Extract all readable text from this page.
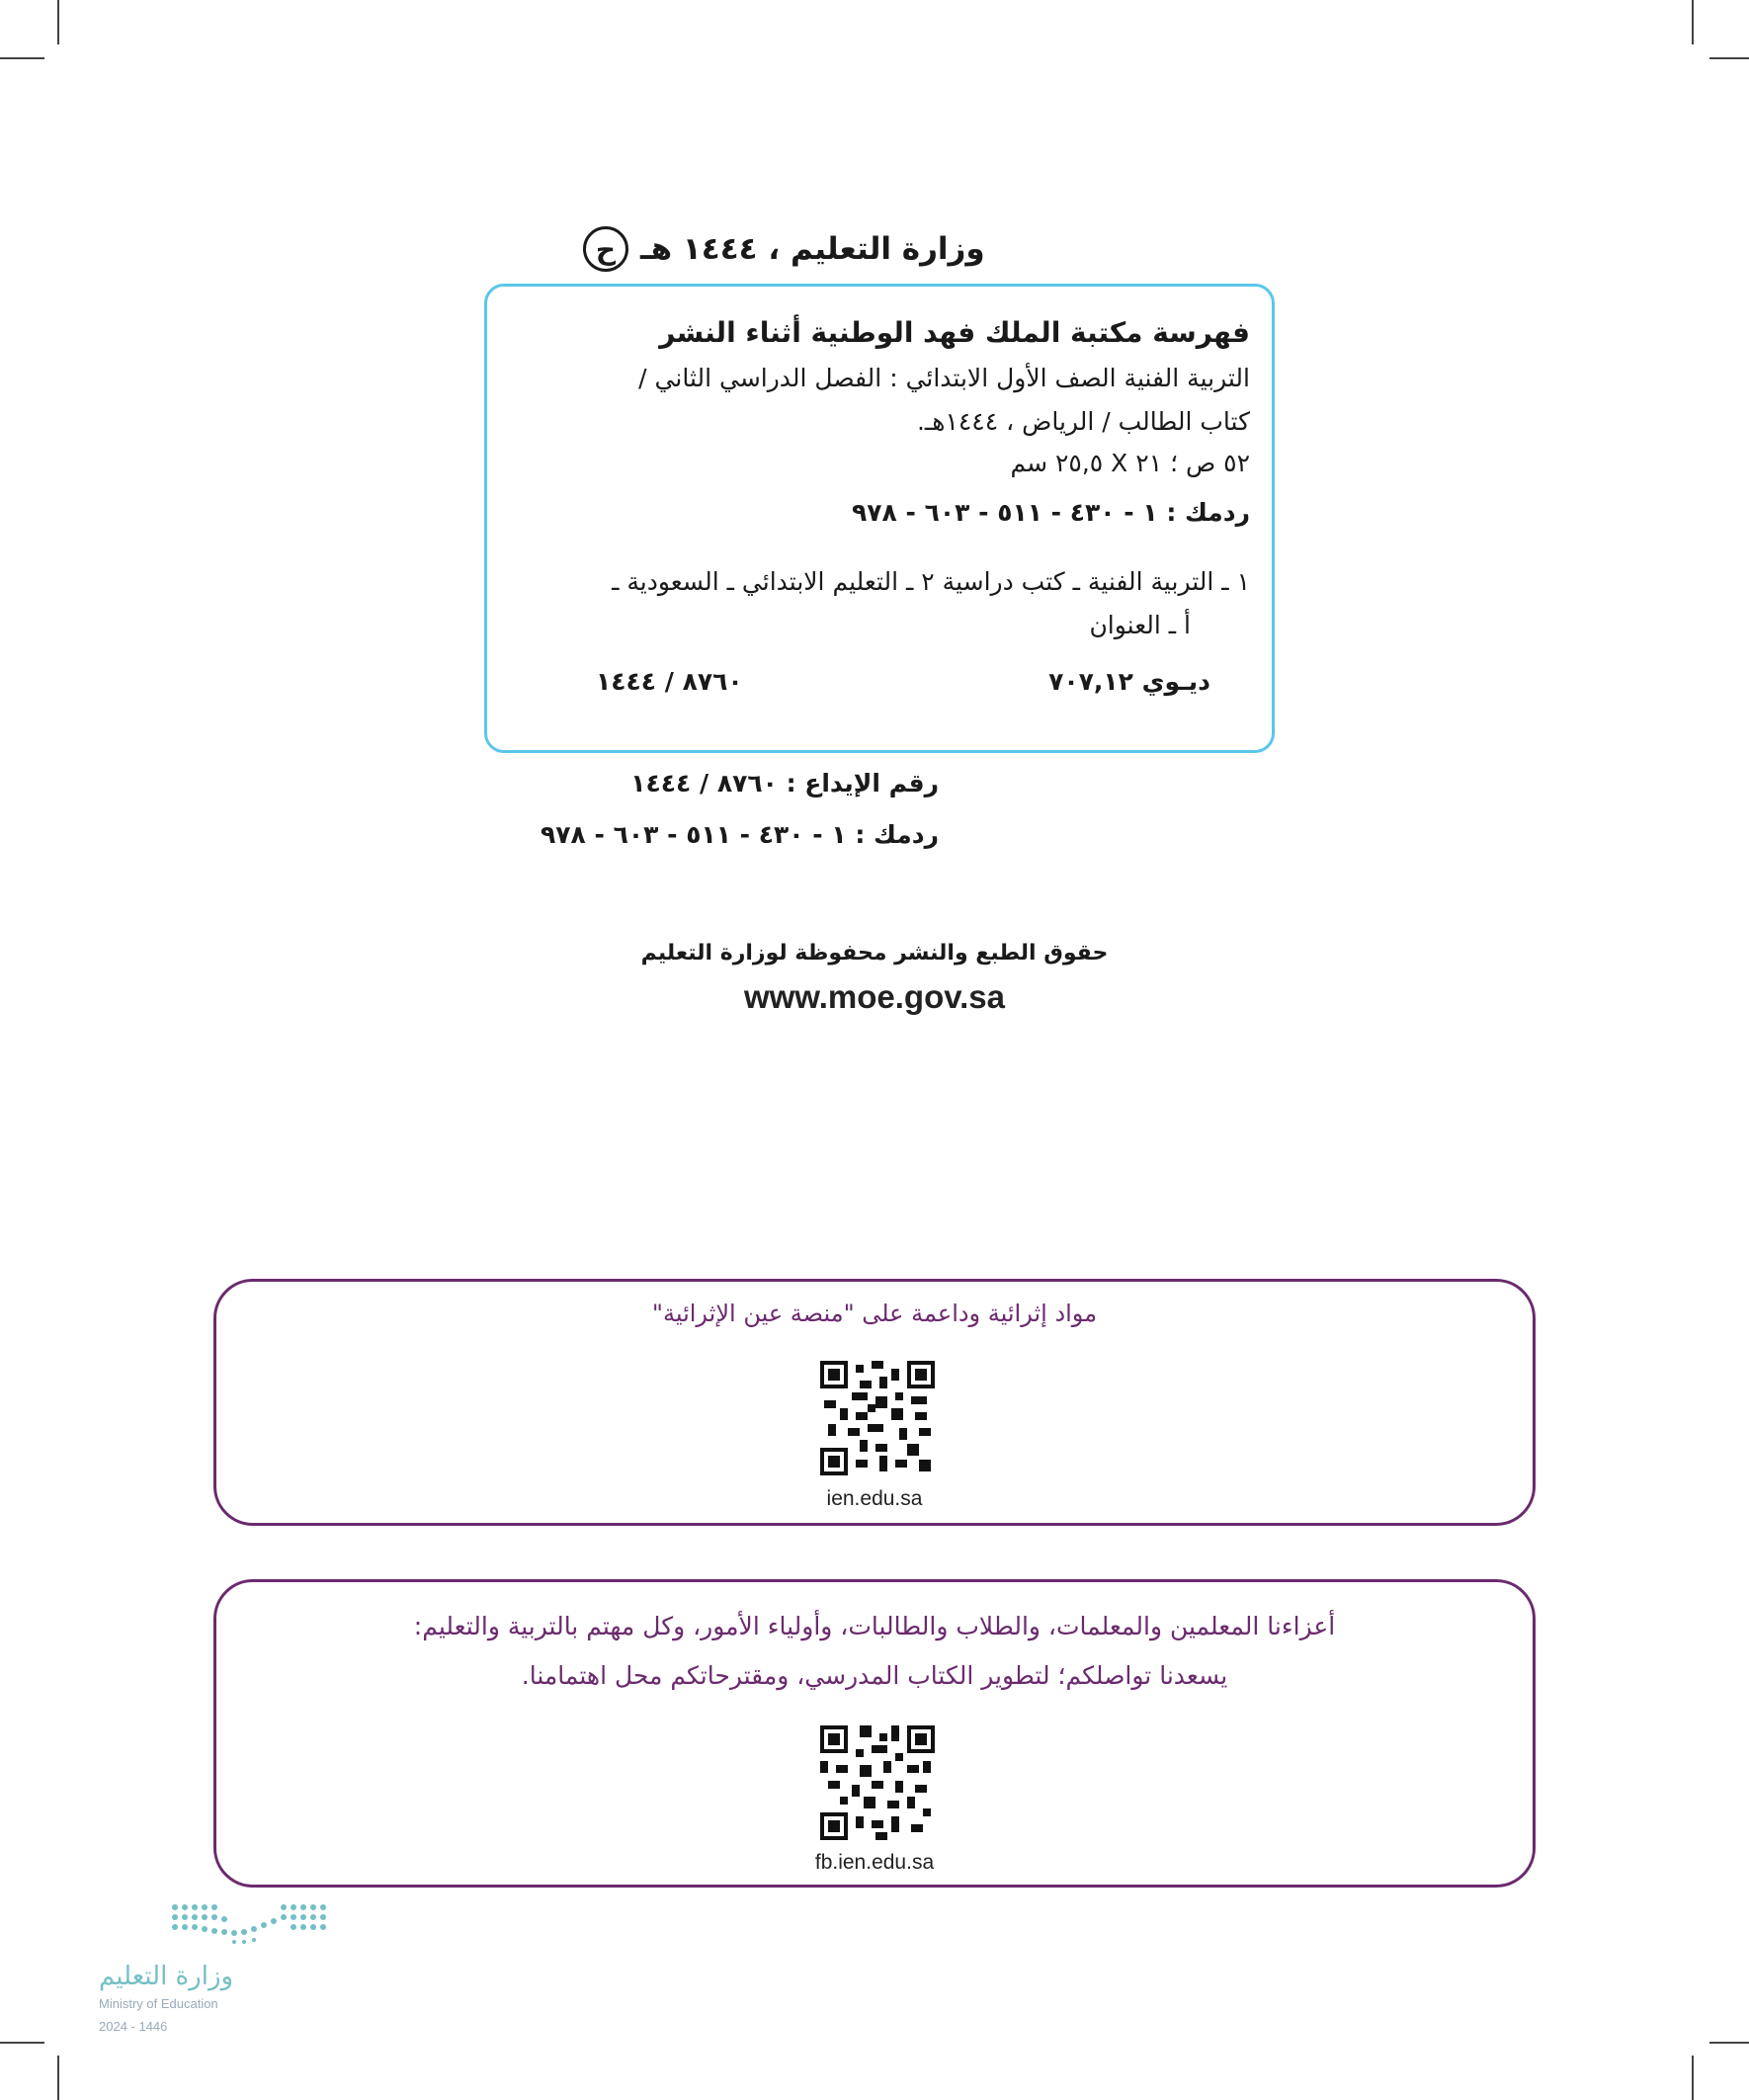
ح وزارة التعليم ، ١٤٤٤ هـ
فهرسة مكتبة الملك فهد الوطنية أثناء النشر
التربية الفنية الصف الأول الابتدائي : الفصل الدراسي الثاني /
كتاب الطالب / الرياض ، ١٤٤٤هـ.
٥٢ ص ؛ ٢١ X ٢٥,٥ سم
ردمك : ١ - ٤٣٠ - ٥١١ - ٦٠٣ - ٩٧٨
١ ـ التربية الفنية ـ كتب دراسية ٢ ـ التعليم الابتدائي ـ السعودية ـ
أ ـ العنوان
ديـوي ٧٠٧,١٢
٨٧٦٠ / ١٤٤٤
رقم الإيداع : ٨٧٦٠ / ١٤٤٤
ردمك : ١ - ٤٣٠ - ٥١١ - ٦٠٣ - ٩٧٨
حقوق الطبع والنشر محفوظة لوزارة التعليم
www.moe.gov.sa
مواد إثرائية وداعمة على "منصة عين الإثرائية"
ien.edu.sa
أعزاءنا المعلمين والمعلمات، والطلاب والطالبات، وأولياء الأمور، وكل مهتم بالتربية والتعليم:
يسعدنا تواصلكم؛ لتطوير الكتاب المدرسي، ومقترحاتكم محل اهتمامنا.
fb.ien.edu.sa
وزارة التعليم
Ministry of Education
2024 - 1446
